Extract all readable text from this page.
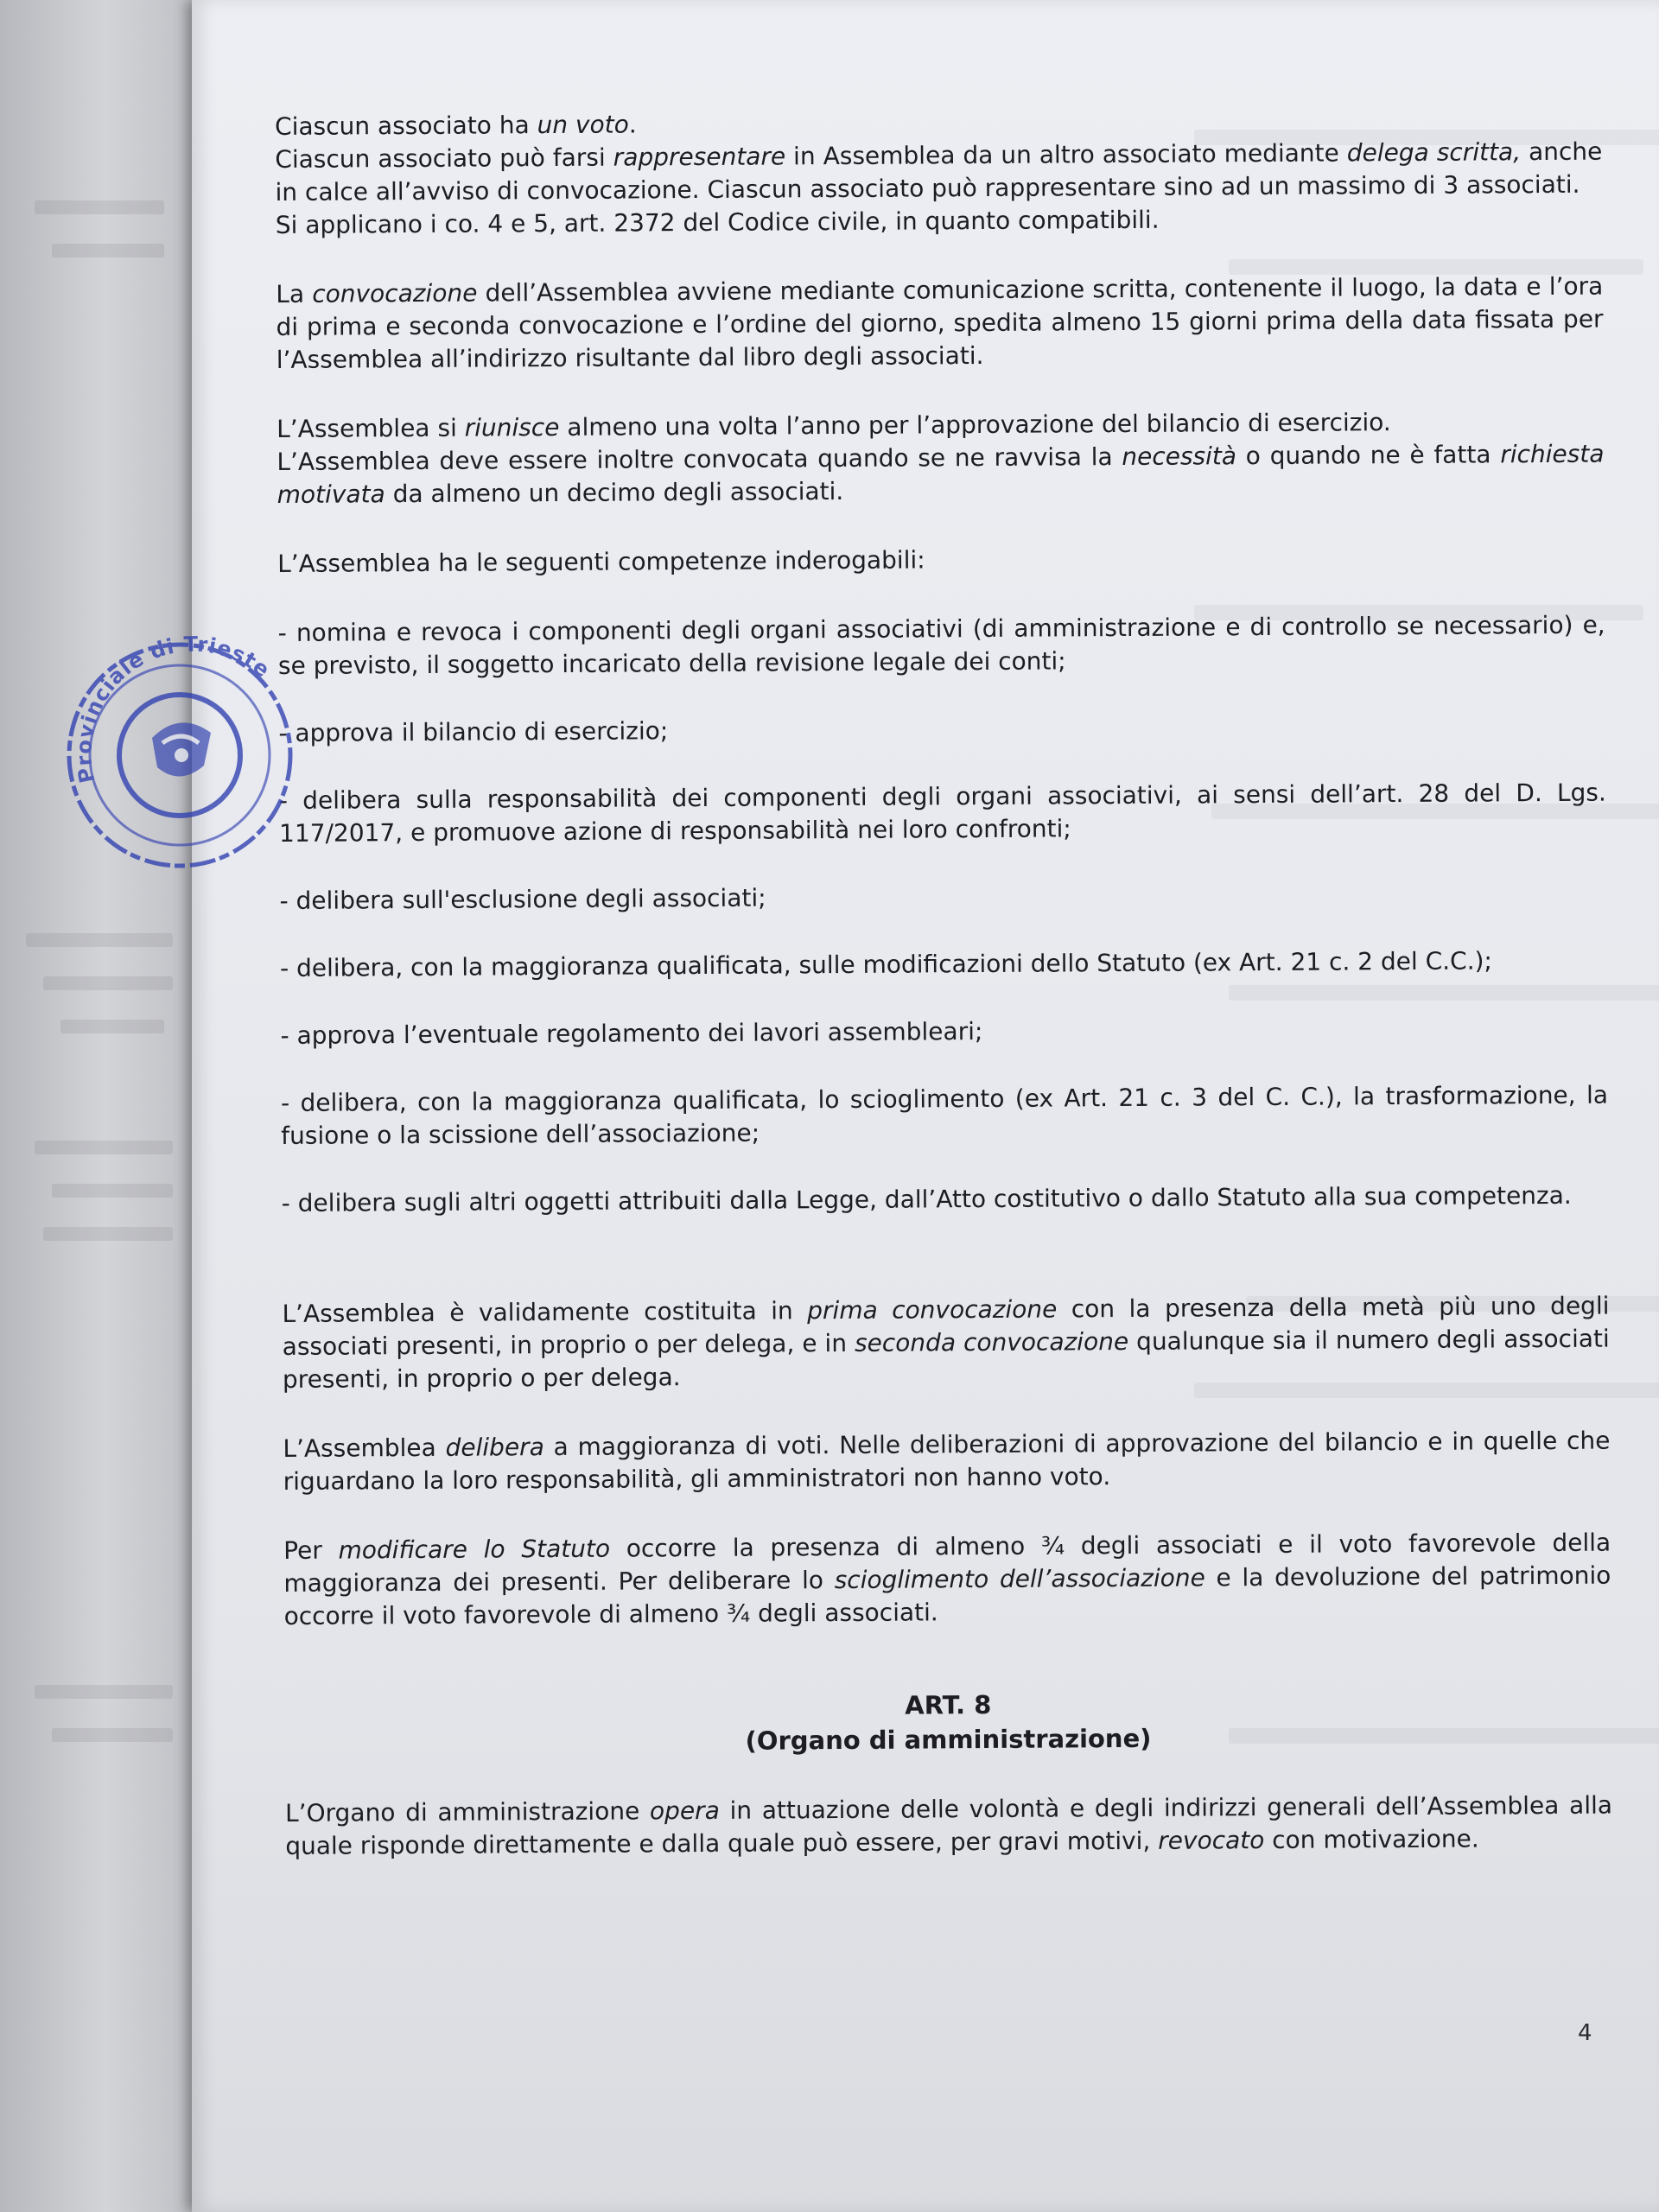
Ciascun associato ha un voto.
Ciascun associato può farsi rappresentare in Assemblea da un altro associato mediante delega scritta, anche in calce all’avviso di convocazione. Ciascun associato può rappresentare sino ad un massimo di 3 associati.
Si applicano i co. 4 e 5, art. 2372 del Codice civile, in quanto compatibili.

La convocazione dell’Assemblea avviene mediante comunicazione scritta, contenente il luogo, la data e l’ora di prima e seconda convocazione e l’ordine del giorno, spedita almeno 15 giorni prima della data fissata per l’Assemblea all’indirizzo risultante dal libro degli associati.

L’Assemblea si riunisce almeno una volta l’anno per l’approvazione del bilancio di esercizio.
L’Assemblea deve essere inoltre convocata quando se ne ravvisa la necessità o quando ne è fatta richiesta motivata da almeno un decimo degli associati.

L’Assemblea ha le seguenti competenze inderogabili:

- nomina e revoca i componenti degli organi associativi (di amministrazione e di controllo se necessario) e, se previsto, il soggetto incaricato della revisione legale dei conti;

- approva il bilancio di esercizio;

- delibera sulla responsabilità dei componenti degli organi associativi, ai sensi dell’art. 28 del D. Lgs. 117/2017, e promuove azione di responsabilità nei loro confronti;

- delibera sull'esclusione degli associati;

- delibera, con la maggioranza qualificata, sulle modificazioni dello Statuto (ex Art. 21 c. 2 del C.C.);

- approva l’eventuale regolamento dei lavori assembleari;

- delibera, con la maggioranza qualificata, lo scioglimento (ex Art. 21 c. 3 del C. C.), la trasformazione, la fusione o la scissione dell’associazione;

- delibera sugli altri oggetti attribuiti dalla Legge, dall’Atto costitutivo o dallo Statuto alla sua competenza.

L’Assemblea è validamente costituita in prima convocazione con la presenza della metà più uno degli associati presenti, in proprio o per delega, e in seconda convocazione qualunque sia il numero degli associati presenti, in proprio o per delega.

L’Assemblea delibera a maggioranza di voti. Nelle deliberazioni di approvazione del bilancio e in quelle che riguardano la loro responsabilità, gli amministratori non hanno voto.

Per modificare lo Statuto occorre la presenza di almeno ¾ degli associati e il voto favorevole della maggioranza dei presenti. Per deliberare lo scioglimento dell’associazione e la devoluzione del patrimonio occorre il voto favorevole di almeno ¾ degli associati.

ART. 8
(Organo di amministrazione)

L’Organo di amministrazione opera in attuazione delle volontà e degli indirizzi generali dell’Assemblea alla quale risponde direttamente e dalla quale può essere, per gravi motivi, revocato con motivazione.

4
Provinciale di Trieste
